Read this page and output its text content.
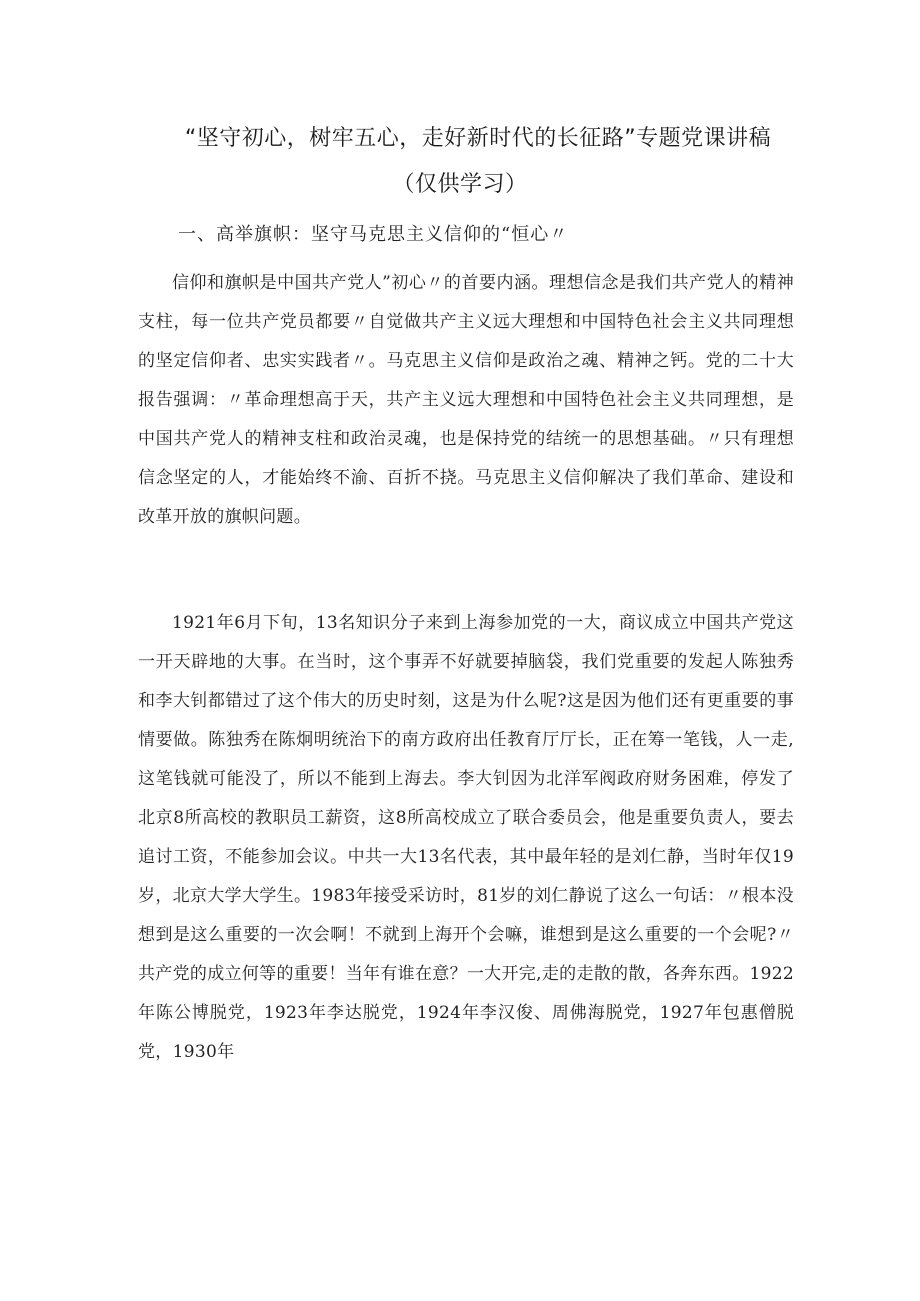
“坚守初心，树牢五心，走好新时代的长征路”专题党课讲稿
（仅供学习）
一、高举旗帜：坚守马克思主义信仰的“恒心〃

信仰和旗帜是中国共产党人”初心〃的首要内涵。理想信念是我们共产党人的精神支柱，每一位共产党员都要〃自觉做共产主义远大理想和中国特色社会主义共同理想的坚定信仰者、忠实实践者〃。马克思主义信仰是政治之魂、精神之钙。党的二十大报告强调：〃革命理想高于天，共产主义远大理想和中国特色社会主义共同理想，是中国共产党人的精神支柱和政治灵魂，也是保持党的结统一的思想基础。〃只有理想信念坚定的人，才能始终不渝、百折不挠。马克思主义信仰解决了我们革命、建设和改革开放的旗帜问题。

1921年6月下旬，13名知识分子来到上海参加党的一大，商议成立中国共产党这一开天辟地的大事。在当时，这个事弄不好就要掉脑袋，我们党重要的发起人陈独秀和李大钊都错过了这个伟大的历史时刻，这是为什么呢?这是因为他们还有更重要的事情要做。陈独秀在陈炯明统治下的南方政府出任教育厅厅长，正在筹一笔钱，人一走,这笔钱就可能没了，所以不能到上海去。李大钊因为北洋军阀政府财务困难，停发了北京8所高校的教职员工薪资，这8所高校成立了联合委员会，他是重要负责人，要去追讨工资，不能参加会议。中共一大13名代表，其中最年轻的是刘仁静，当时年仅19岁，北京大学大学生。1983年接受采访时，81岁的刘仁静说了这么一句话：〃根本没想到是这么重要的一次会啊！不就到上海开个会嘛，谁想到是这么重要的一个会呢?〃共产党的成立何等的重要！当年有谁在意？一大开完,走的走散的散，各奔东西。1922年陈公博脱党，1923年李达脱党，1924年李汉俊、周佛海脱党，1927年包惠僧脱党，1930年
